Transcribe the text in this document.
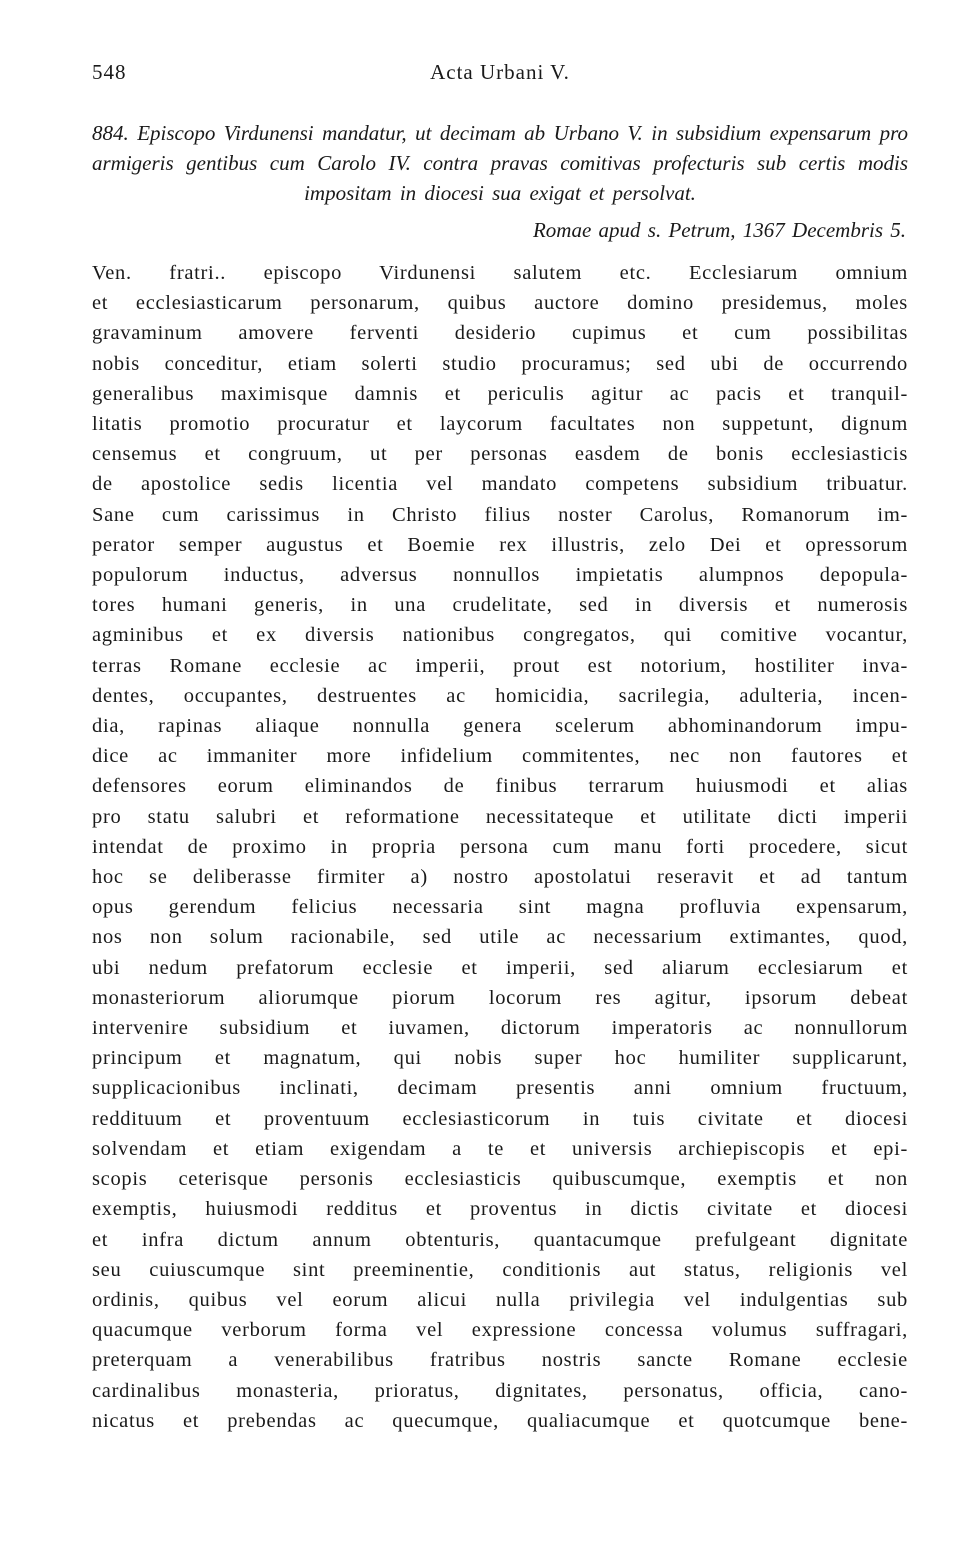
548	Acta Urbani V.
884. Episcopo Virdunensi mandatur, ut decimam ab Urbano V. in subsidium expensarum pro armigeris gentibus cum Carolo IV. contra pravas comitivas profecturis sub certis modis impositam in diocesi sua exigat et persolvat.
Romae apud s. Petrum, 1367 Decembris 5.
Ven. fratri.. episcopo Virdunensi salutem etc. Ecclesiarum omnium
et ecclesiasticarum personarum, quibus auctore domino presidemus, moles
gravaminum amovere ferventi desiderio cupimus et cum possibilitas
nobis conceditur, etiam solerti studio procuramus; sed ubi de occurrendo
generalibus maximisque damnis et periculis agitur ac pacis et tranquil-
litatis promotio procuratur et laycorum facultates non suppetunt, dignum
censemus et congruum, ut per personas easdem de bonis ecclesiasticis
de apostolice sedis licentia vel mandato competens subsidium tribuatur.
Sane cum carissimus in Christo filius noster Carolus, Romanorum im-
perator semper augustus et Boemie rex illustris, zelo Dei et opressorum
populorum inductus, adversus nonnullos impietatis alumpnos depopula-
tores humani generis, in una crudelitate, sed in diversis et numerosis
agminibus et ex diversis nationibus congregatos, qui comitive vocantur,
terras Romane ecclesie ac imperii, prout est notorium, hostiliter inva-
dentes, occupantes, destruentes ac homicidia, sacrilegia, adulteria, incen-
dia, rapinas aliaque nonnulla genera scelerum abhominandorum impu-
dice ac immaniter more infidelium commitentes, nec non fautores et
defensores eorum eliminandos de finibus terrarum huiusmodi et alias
pro statu salubri et reformatione necessitateque et utilitate dicti imperii
intendat de proximo in propria persona cum manu forti procedere, sicut
hoc se deliberasse firmiter a) nostro apostolatui reseravit et ad tantum
opus gerendum felicius necessaria sint magna profluvia expensarum,
nos non solum racionabile, sed utile ac necessarium extimantes, quod,
ubi nedum prefatorum ecclesie et imperii, sed aliarum ecclesiarum et
monasteriorum aliorumque piorum locorum res agitur, ipsorum debeat
intervenire subsidium et iuvamen, dictorum imperatoris ac nonnullorum
principum et magnatum, qui nobis super hoc humiliter supplicarunt,
supplicacionibus inclinati, decimam presentis anni omnium fructuum,
reddituum et proventuum ecclesiasticorum in tuis civitate et diocesi
solvendam et etiam exigendam a te et universis archiepiscopis et epi-
scopis ceterisque personis ecclesiasticis quibuscumque, exemptis et non
exemptis, huiusmodi redditus et proventus in dictis civitate et diocesi
et infra dictum annum obtenturis, quantacumque prefulgeant dignitate
seu cuiuscumque sint preeminentie, conditionis aut status, religionis vel
ordinis, quibus vel eorum alicui nulla privilegia vel indulgentias sub
quacumque verborum forma vel expressione concessa volumus suffragari,
preterquam a venerabilibus fratribus nostris sancte Romane ecclesie
cardinalibus monasteria, prioratus, dignitates, personatus, officia, cano-
nicatus et prebendas ac quecumque, qualiacumque et quotcumque bene-
